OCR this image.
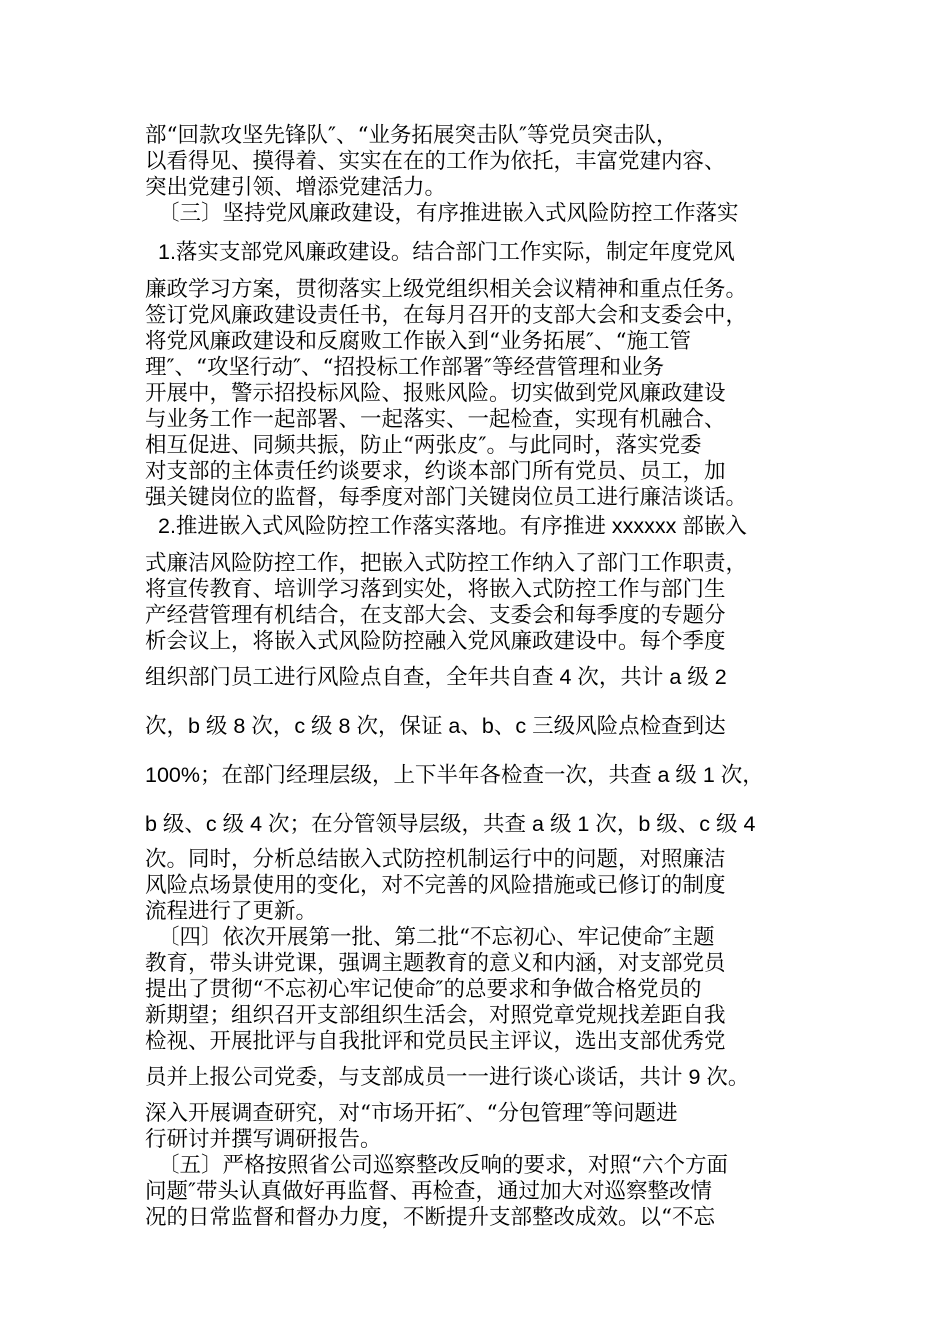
部“回款攻坚先锋队″、“业务拓展突击队″等党员突击队，

以看得见、摸得着、实实在在的工作为依托，丰富党建内容、

突出党建引领、增添党建活力。

〔三〕坚持党风廉政建设，有序推进嵌入式风险防控工作落实

1.落实支部党风廉政建设。结合部门工作实际，制定年度党风

廉政学习方案，贯彻落实上级党组织相关会议精神和重点任务。

签订党风廉政建设责任书，在每月召开的支部大会和支委会中，

将党风廉政建设和反腐败工作嵌入到“业务拓展″、“施工管

理″、“攻坚行动″、“招投标工作部署″等经营管理和业务

开展中，警示招投标风险、报账风险。切实做到党风廉政建设

与业务工作一起部署、一起落实、一起检查，实现有机融合、

相互促进、同频共振，防止“两张皮″。与此同时，落实党委

对支部的主体责任约谈要求，约谈本部门所有党员、员工，加

强关键岗位的监督，每季度对部门关键岗位员工进行廉洁谈话。

2.推进嵌入式风险防控工作落实落地。有序推进 xxxxxx 部嵌入

式廉洁风险防控工作，把嵌入式防控工作纳入了部门工作职责，

将宣传教育、培训学习落到实处，将嵌入式防控工作与部门生

产经营管理有机结合，在支部大会、支委会和每季度的专题分

析会议上，将嵌入式风险防控融入党风廉政建设中。每个季度

组织部门员工进行风险点自查，全年共自查 4 次，共计 a 级 2

次，b 级 8 次，c 级 8 次，保证 a、b、c 三级风险点检查到达

100%；在部门经理层级，上下半年各检查一次，共查 a 级 1 次，

b 级、c 级 4 次；在分管领导层级，共查 a 级 1 次，b 级、c 级 4

次。同时，分析总结嵌入式防控机制运行中的问题，对照廉洁

风险点场景使用的变化，对不完善的风险措施或已修订的制度

流程进行了更新。

〔四〕依次开展第一批、第二批“不忘初心、牢记使命″主题

教育，带头讲党课，强调主题教育的意义和内涵，对支部党员

提出了贯彻“不忘初心牢记使命″的总要求和争做合格党员的

新期望；组织召开支部组织生活会，对照党章党规找差距自我

检视、开展批评与自我批评和党员民主评议，选出支部优秀党

员并上报公司党委，与支部成员一一进行谈心谈话，共计 9 次。

深入开展调查研究，对“市场开拓″、“分包管理″等问题进

行研讨并撰写调研报告。

〔五〕严格按照省公司巡察整改反响的要求，对照“六个方面

问题″带头认真做好再监督、再检查，通过加大对巡察整改情

况的日常监督和督办力度，不断提升支部整改成效。以“不忘
